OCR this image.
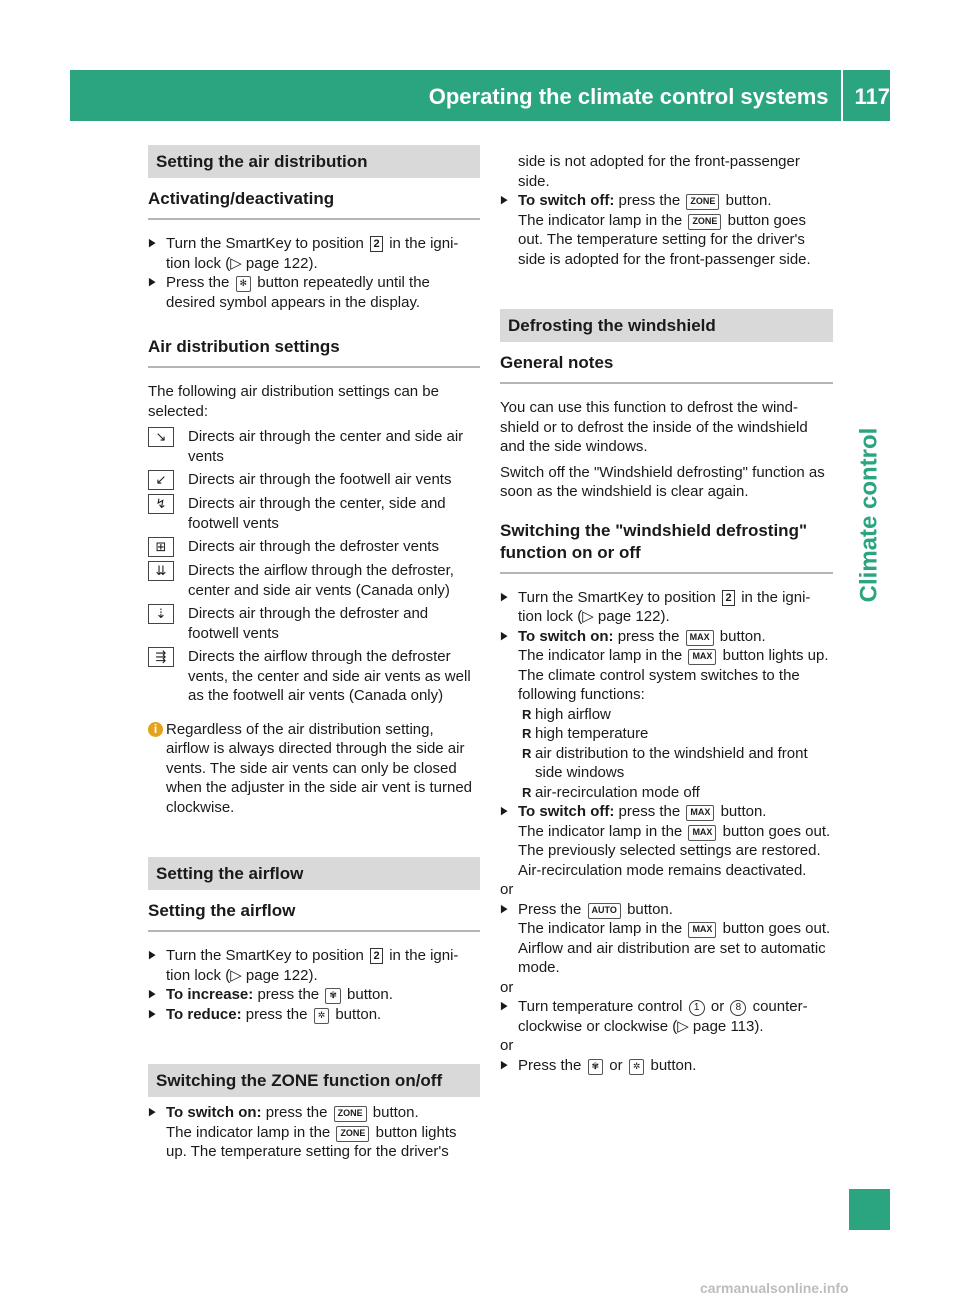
Operating the climate control systems 117
Climate control
Setting the air distribution
Activating/deactivating

▶ Turn the SmartKey to position 2 in the igni-tion lock (▷ page 122).

▶ Press the ✻ button repeatedly until the desired symbol appears in the display.

Air distribution settings

The following air distribution settings can be selected:

↘	Directs air through the center and side air vents
↙	Directs air through the footwell air vents
↯	Directs air through the center, side and footwell vents
⊞	Directs air through the defroster vents
⇊	Directs the airflow through the defroster, center and side air vents (Canada only)
⇣	Directs air through the defroster and footwell vents
⇶	Directs the airflow through the defroster vents, the center and side air vents as well as the footwell air vents (Canada only)
i Regardless of the air distribution setting, airflow is always directed through the side air vents. The side air vents can only be closed when the adjuster in the side air vent is turned clockwise.
Setting the airflow
Setting the airflow

▶ Turn the SmartKey to position 2 in the igni-tion lock (▷ page 122).

▶ To increase: press the ✾ button.

▶ To reduce: press the ✲ button.

Switching the ZONE function on/off

▶ To switch on: press the ZONE button.
The indicator lamp in the ZONE button lights up. The temperature setting for the driver's

side is not adopted for the front-passenger side.

▶ To switch off: press the ZONE button.
The indicator lamp in the ZONE button goes out. The temperature setting for the driver's side is adopted for the front-passenger side.

Defrosting the windshield
General notes

You can use this function to defrost the wind-shield or to defrost the inside of the windshield and the side windows.

Switch off the "Windshield defrosting" function as soon as the windshield is clear again.

Switching the "windshield defrosting" function on or off

▶ Turn the SmartKey to position 2 in the igni-tion lock (▷ page 122).

▶ To switch on: press the MAX button.
The indicator lamp in the MAX button lights up.
The climate control system switches to the following functions:

R high airflow

R high temperature

R air distribution to the windshield and front side windows

R air-recirculation mode off

▶ To switch off: press the MAX button.
The indicator lamp in the MAX button goes out. The previously selected settings are restored. Air-recirculation mode remains deactivated.

or

▶ Press the AUTO button.
The indicator lamp in the MAX button goes out. Airflow and air distribution are set to automatic mode.

or

▶ Turn temperature control 1 or 8 counter-clockwise or clockwise (▷ page 113).

or

▶ Press the ✾ or ✲ button.

carmanualsonline.info
